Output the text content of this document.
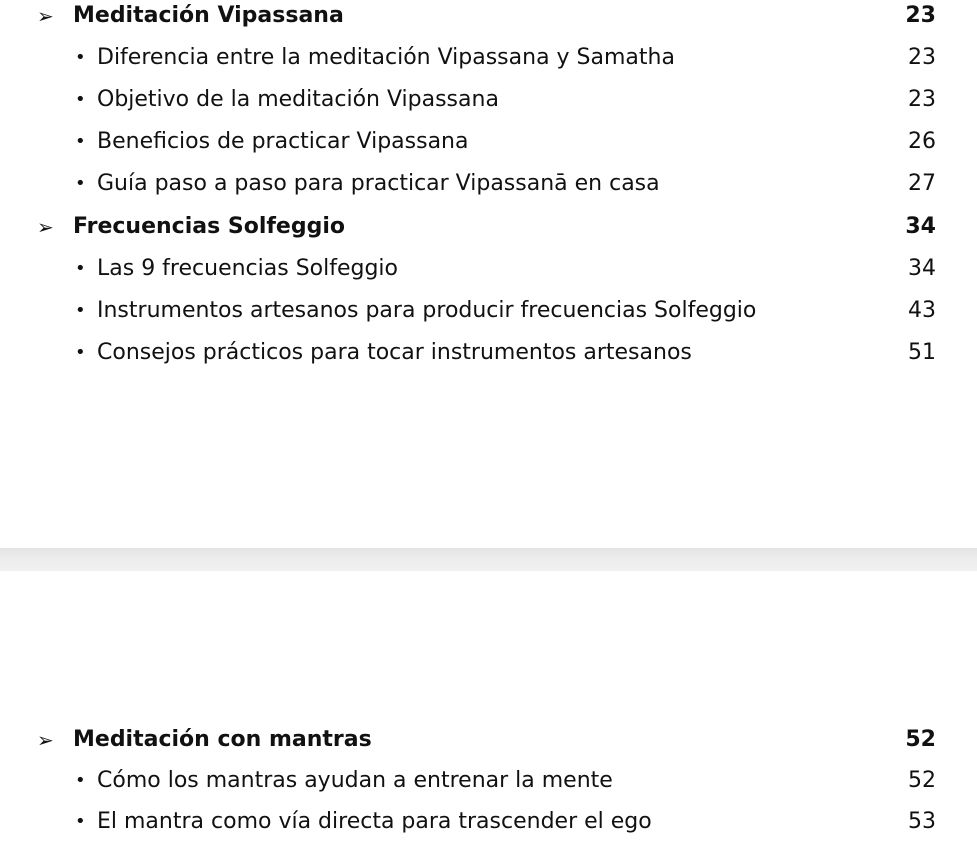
➢ Meditación Vipassana	23
• Diferencia entre la meditación Vipassana y Samatha	23
• Objetivo de la meditación Vipassana	23
• Beneficios de practicar Vipassana	26
• Guía paso a paso para practicar Vipassanā en casa	27
➢ Frecuencias Solfeggio	34
• Las 9 frecuencias Solfeggio	34
• Instrumentos artesanos para producir frecuencias Solfeggio	43
• Consejos prácticos para tocar instrumentos artesanos	51
➢ Meditación con mantras	52
• Cómo los mantras ayudan a entrenar la mente	52
• El mantra como vía directa para trascender el ego	53
